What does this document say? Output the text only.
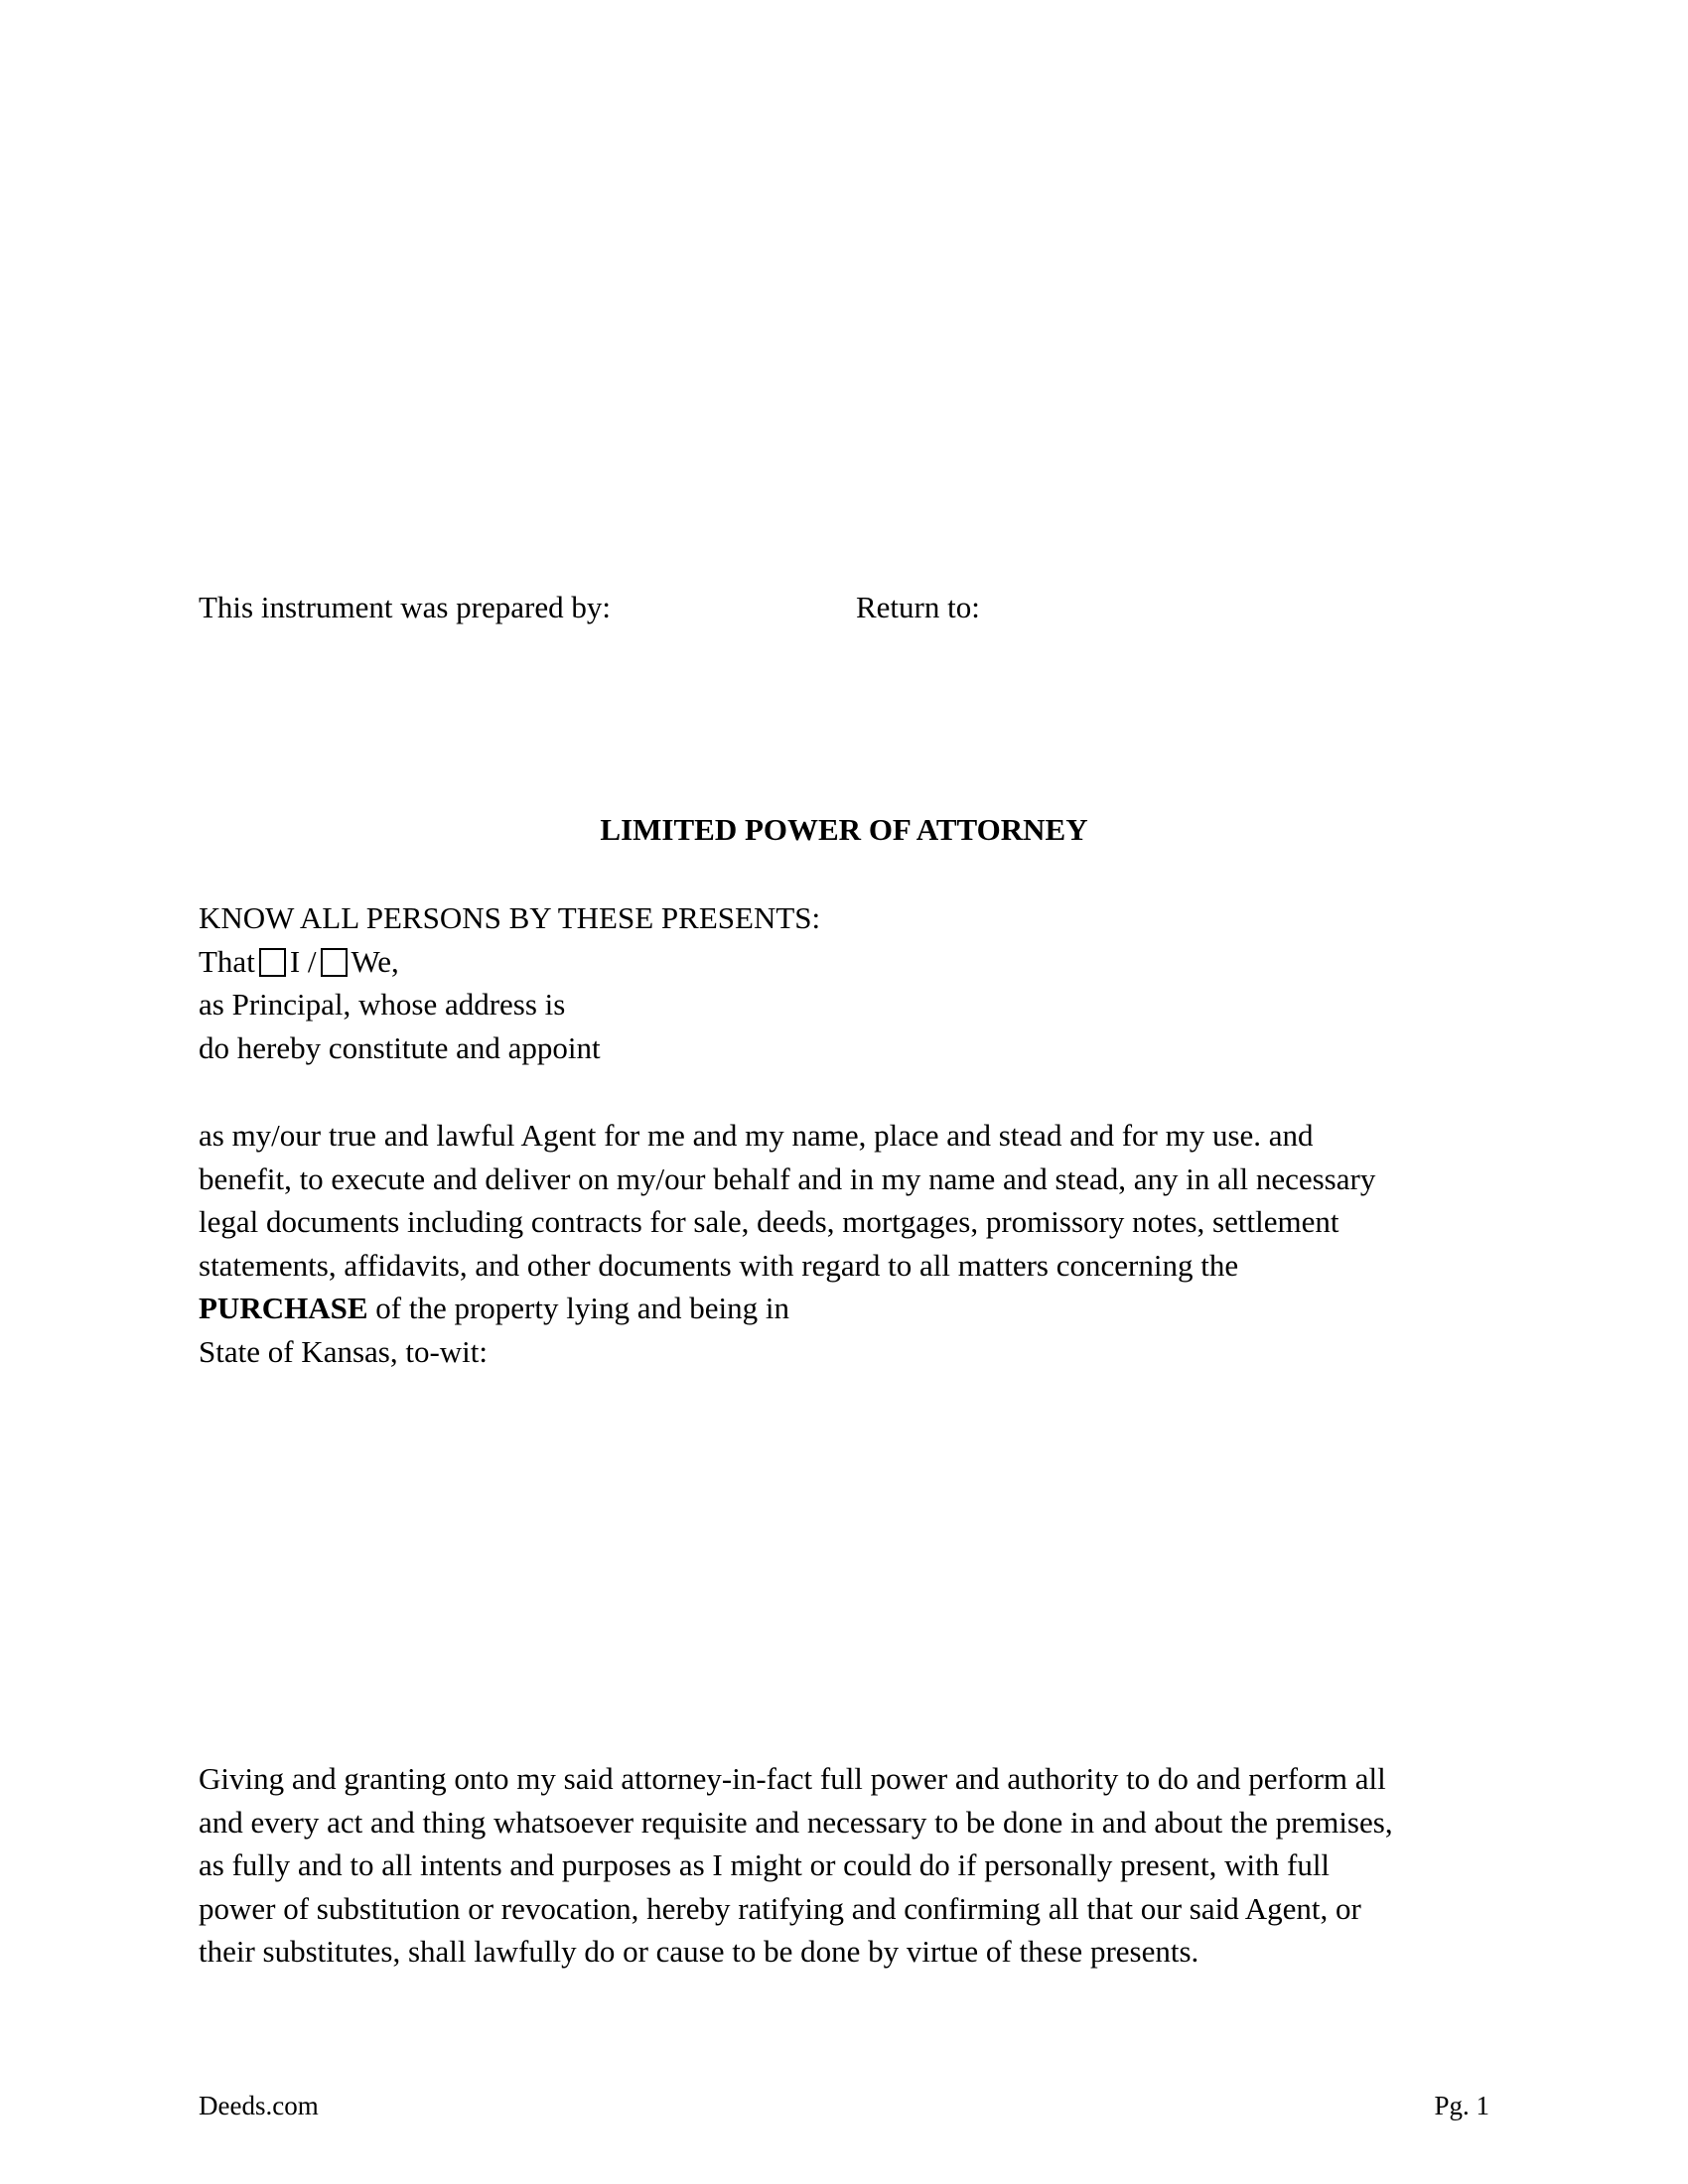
This instrument was prepared by:	Return to:
LIMITED POWER OF ATTORNEY
KNOW ALL PERSONS BY THESE PRESENTS:
That I / We,
as Principal, whose address is
do hereby constitute and appoint
as my/our true and lawful Agent for me and my name, place and stead and for my use. and
benefit, to execute and deliver on my/our behalf and in my name and stead, any in all necessary
legal documents including contracts for sale, deeds, mortgages, promissory notes, settlement
statements, affidavits, and other documents with regard to all matters concerning the
PURCHASE of the property lying and being in
State of Kansas, to-wit:
Giving and granting onto my said attorney-in-fact full power and authority to do and perform all
and every act and thing whatsoever requisite and necessary to be done in and about the premises,
as fully and to all intents and purposes as I might or could do if personally present, with full
power of substitution or revocation, hereby ratifying and confirming all that our said Agent, or
their substitutes, shall lawfully do or cause to be done by virtue of these presents.
Deeds.com	Pg. 1
